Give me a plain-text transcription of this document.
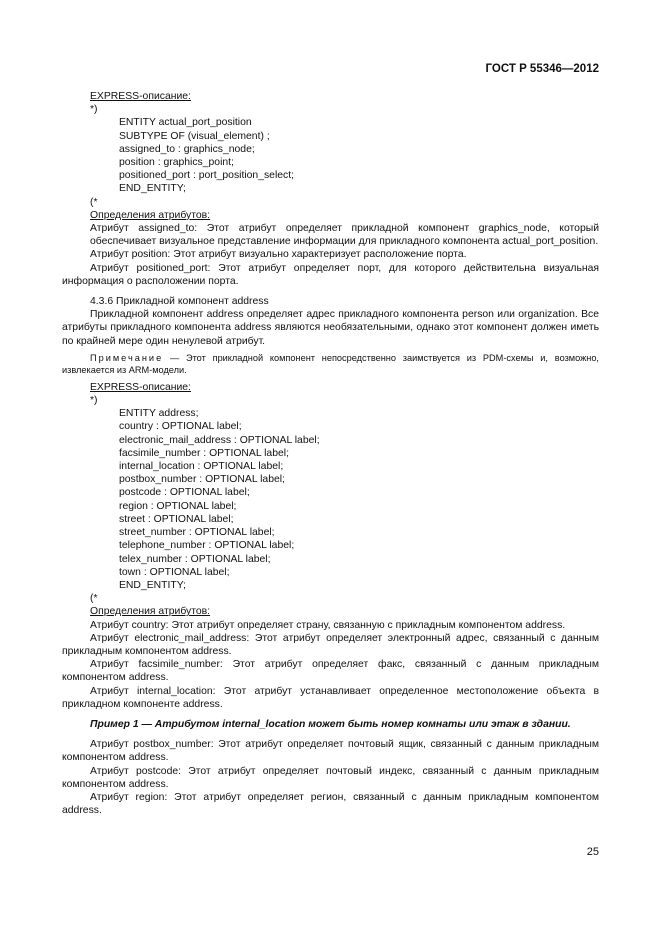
ГОСТ Р 55346—2012

EXPRESS-описание:

*)

ENTITY actual_port_position

SUBTYPE OF (visual_element) ;

assigned_to : graphics_node;

position : graphics_point;

positioned_port : port_position_select;

END_ENTITY;

(*

Определения атрибутов:

Атрибут assigned_to: Этот атрибут определяет прикладной компонент graphics_node, который обеспечивает визуальное представление информации для прикладного компонента actual_port_position.

Атрибут position: Этот атрибут визуально характеризует расположение порта.

Атрибут positioned_port: Этот атрибут определяет порт, для которого действительна визуальная информация о расположении порта.

4.3.6 Прикладной компонент address

Прикладной компонент address определяет адрес прикладного компонента person или organization. Все атрибуты прикладного компонента address являются необязательными, однако этот компонент должен иметь по крайней мере один ненулевой атрибут.

Примечание — Этот прикладной компонент непосредственно заимствуется из PDM-схемы и, возможно, извлекается из ARM-модели.

EXPRESS-описание:

*)

ENTITY address;

country : OPTIONAL label;

electronic_mail_address : OPTIONAL label;

facsimile_number : OPTIONAL label;

internal_location : OPTIONAL label;

postbox_number : OPTIONAL label;

postcode : OPTIONAL label;

region : OPTIONAL label;

street : OPTIONAL label;

street_number : OPTIONAL label;

telephone_number : OPTIONAL label;

telex_number : OPTIONAL label;

town : OPTIONAL label;

END_ENTITY;

(*

Определения атрибутов:

Атрибут country: Этот атрибут определяет страну, связанную с прикладным компонентом address.

Атрибут electronic_mail_address: Этот атрибут определяет электронный адрес, связанный с данным прикладным компонентом address.

Атрибут facsimile_number: Этот атрибут определяет факс, связанный с данным прикладным компонентом address.

Атрибут internal_location: Этот атрибут устанавливает определенное местоположение объекта в прикладном компоненте address.

Пример 1 — Атрибутом internal_location может быть номер комнаты или этаж в здании.

Атрибут postbox_number: Этот атрибут определяет почтовый ящик, связанный с данным прикладным компонентом address.

Атрибут postcode: Этот атрибут определяет почтовый индекс, связанный с данным прикладным компонентом address.

Атрибут region: Этот атрибут определяет регион, связанный с данным прикладным компонентом address.

25
